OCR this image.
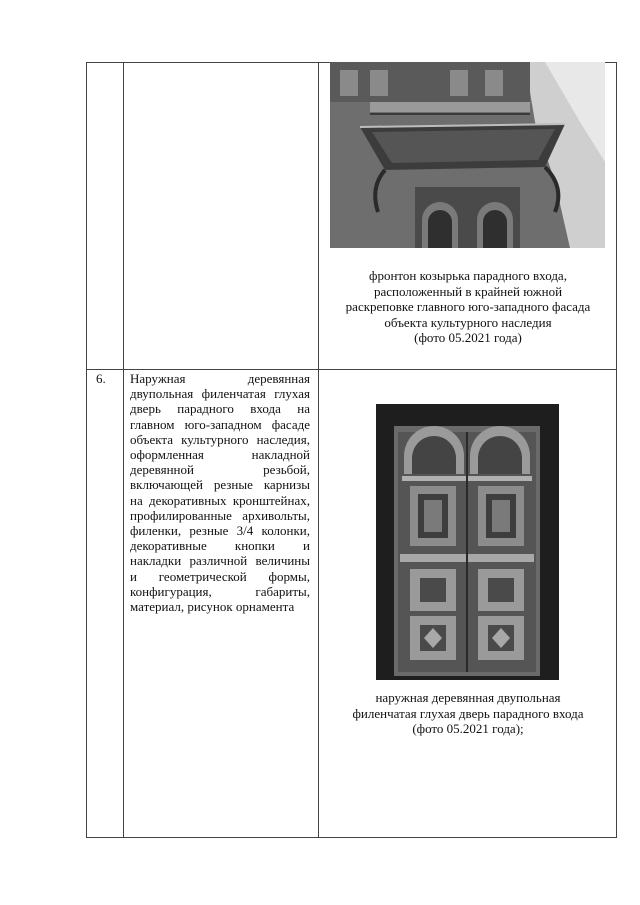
фронтон козырька парадного входа,
расположенный в крайней южной
раскреповке главного юго-западного фасада
объекта культурного наследия
(фото 05.2021 года)
6. Наружная деревянная двупольная филенчатая глухая дверь парадного входа на главном юго-западном фасаде объекта культурного наследия, оформленная накладной деревянной резьбой, включающей резные карнизы на декоративных кронштейнах, профилированные архивольты, филенки, резные 3/4 колонки, декоративные кнопки и накладки различной величины и геометрической формы, конфигурация, габариты, материал, рисунок орнамента
наружная деревянная двупольная
филенчатая глухая дверь парадного входа
(фото 05.2021 года);
